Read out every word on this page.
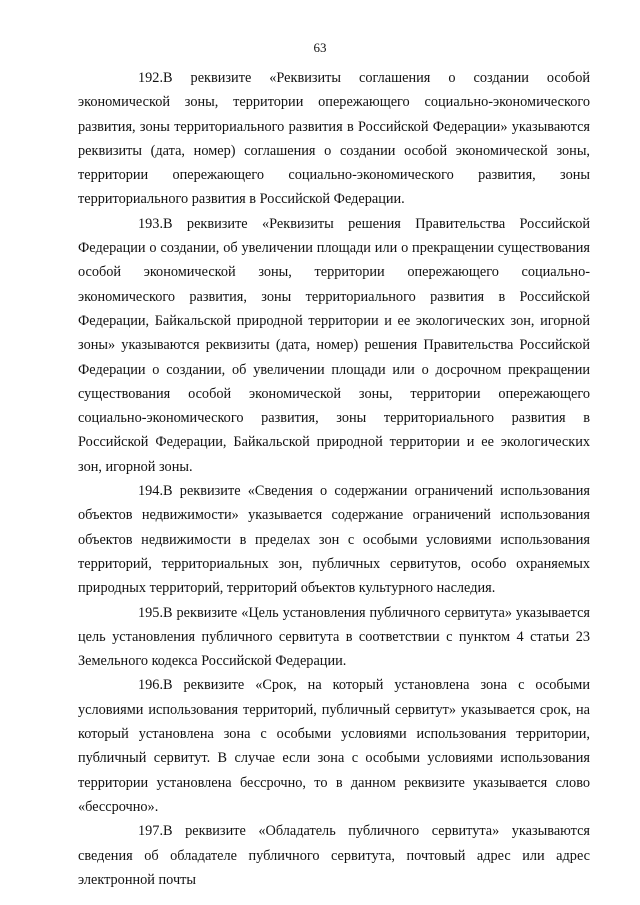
63

192.В реквизите «Реквизиты соглашения о создании особой экономической зоны, территории опережающего социально-экономического развития, зоны территориального развития в Российской Федерации» указываются реквизиты (дата, номер) соглашения о создании особой экономической зоны, территории опережающего социально-экономического развития, зоны территориального развития в Российской Федерации.

193.В реквизите «Реквизиты решения Правительства Российской Федерации о создании, об увеличении площади или о прекращении существования особой экономической зоны, территории опережающего социально-экономического развития, зоны территориального развития в Российской Федерации, Байкальской природной территории и ее экологических зон, игорной зоны» указываются реквизиты (дата, номер) решения Правительства Российской Федерации о создании, об увеличении площади или о досрочном прекращении существования особой экономической зоны, территории опережающего социально-экономического развития, зоны территориального развития в Российской Федерации, Байкальской природной территории и ее экологических зон, игорной зоны.

194.В реквизите «Сведения о содержании ограничений использования объектов недвижимости» указывается содержание ограничений использования объектов недвижимости в пределах зон с особыми условиями использования территорий, территориальных зон, публичных сервитутов, особо охраняемых природных территорий, территорий объектов культурного наследия.

195.В реквизите «Цель установления публичного сервитута» указывается цель установления публичного сервитута в соответствии с пунктом 4 статьи 23 Земельного кодекса Российской Федерации.

196.В реквизите «Срок, на который установлена зона с особыми условиями использования территорий, публичный сервитут» указывается срок, на который установлена зона с особыми условиями использования территории, публичный сервитут. В случае если зона с особыми условиями использования территории установлена бессрочно, то в данном реквизите указывается слово «бессрочно».

197.В реквизите «Обладатель публичного сервитута» указываются сведения об обладателе публичного сервитута, почтовый адрес или адрес электронной почты
